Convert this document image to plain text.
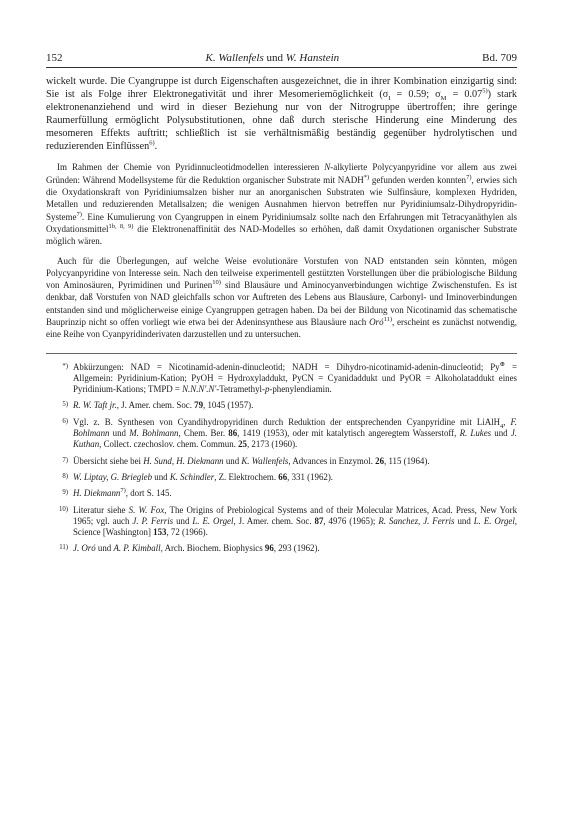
152	K. Wallenfels und W. Hanstein	Bd. 709

wickelt wurde. Die Cyangruppe ist durch Eigenschaften ausgezeichnet, die in ihrer Kombination einzigartig sind: Sie ist als Folge ihrer Elektronegativität und ihrer Mesomeriemöglichkeit ($\sigma_I = 0.59$; $\sigma_M = 0.07^{5)}$) stark elektronenanziehend und wird in dieser Beziehung nur von der Nitrogruppe übertroffen; ihre geringe Raumerfüllung ermöglicht Polysubstitutionen, ohne daß durch sterische Hinderung eine Minderung des mesomeren Effekts auftritt; schließlich ist sie verhältnismäßig beständig gegenüber hydrolytischen und reduzierenden Einflüssen$^{6)}$.

Im Rahmen der Chemie von Pyridinnucleotidmodellen interessieren N-alkylierte Polycyanpyridine vor allem aus zwei Gründen: Während Modellsysteme für die Reduktion organischer Substrate mit NADH*) gefunden werden konnten$^{7)}$, erwies sich die Oxydationskraft von Pyridiniumsalzen bisher nur an anorganischen Substraten wie Sulfinsäure, komplexen Hydriden, Metallen und reduzierenden Metallsalzen; die wenigen Ausnahmen hiervon betreffen nur Pyridiniumsalz-Dihydropyridin-Systeme$^{7)}$. Eine Kumulierung von Cyangruppen in einem Pyridiniumsalz sollte nach den Erfahrungen mit Tetracyanäthylen als Oxydationsmittel$^{1b, 8, 9)}$ die Elektronenaffinität des NAD-Modelles so erhöhen, daß damit Oxydationen organischer Substrate möglich wären.

Auch für die Überlegungen, auf welche Weise evolutionäre Vorstufen von NAD entstanden sein könnten, mögen Polycyanpyridine von Interesse sein. Nach den teilweise experimentell gestützten Vorstellungen über die präbiologische Bildung von Aminosäuren, Pyrimidinen und Purinen$^{10)}$ sind Blausäure und Aminocyanverbindungen wichtige Zwischenstufen. Es ist denkbar, daß Vorstufen von NAD gleichfalls schon vor Auftreten des Lebens aus Blausäure, Carbonyl- und Iminoverbindungen entstanden sind und möglicherweise einige Cyangruppen getragen haben. Da bei der Bildung von Nicotinamid das schematische Bauprinzip nicht so offen vorliegt wie etwa bei der Adeninsynthese aus Blausäure nach Oró$^{11)}$, erscheint es zunächst notwendig, eine Reihe von Cyanpyridinderivaten darzustellen und zu untersuchen.

*) Abkürzungen: NAD = Nicotinamid-adenin-dinucleotid; NADH = Dihydro-nicotinamid-adenin-dinucleotid; Py⊕ = Allgemein: Pyridinium-Kation; PyOH = Hydroxyladdukt, PyCN = Cyanidaddukt und PyOR = Alkoholataddukt eines Pyridinium-Kations; TMPD = N.N.N'.N'-Tetramethyl-p-phenylendiamin.
5) R. W. Taft jr., J. Amer. chem. Soc. 79, 1045 (1957).
6) Vgl. z. B. Synthesen von Cyandihydropyridinen durch Reduktion der entsprechenden Cyanpyridine mit LiAlH$_4$, F. Bohlmann und M. Bohlmann, Chem. Ber. 86, 1419 (1953), oder mit katalytisch angeregtem Wasserstoff, R. Lukes und J. Kuthan, Collect. czechoslov. chem. Commun. 25, 2173 (1960).
7) Übersicht siehe bei H. Sund, H. Diekmann und K. Wallenfels, Advances in Enzymol. 26, 115 (1964).
8) W. Liptay, G. Briegleb und K. Schindler, Z. Elektrochem. 66, 331 (1962).
9) H. Diekmann$^{7)}$, dort S. 145.
10) Literatur siehe S. W. Fox, The Origins of Prebiological Systems and of their Molecular Matrices, Acad. Press, New York 1965; vgl. auch J. P. Ferris und L. E. Orgel, J. Amer. chem. Soc. 87, 4976 (1965); R. Sanchez, J. Ferris und L. E. Orgel, Science [Washington] 153, 72 (1966).
11) J. Oró und A. P. Kimball, Arch. Biochem. Biophysics 96, 293 (1962).
